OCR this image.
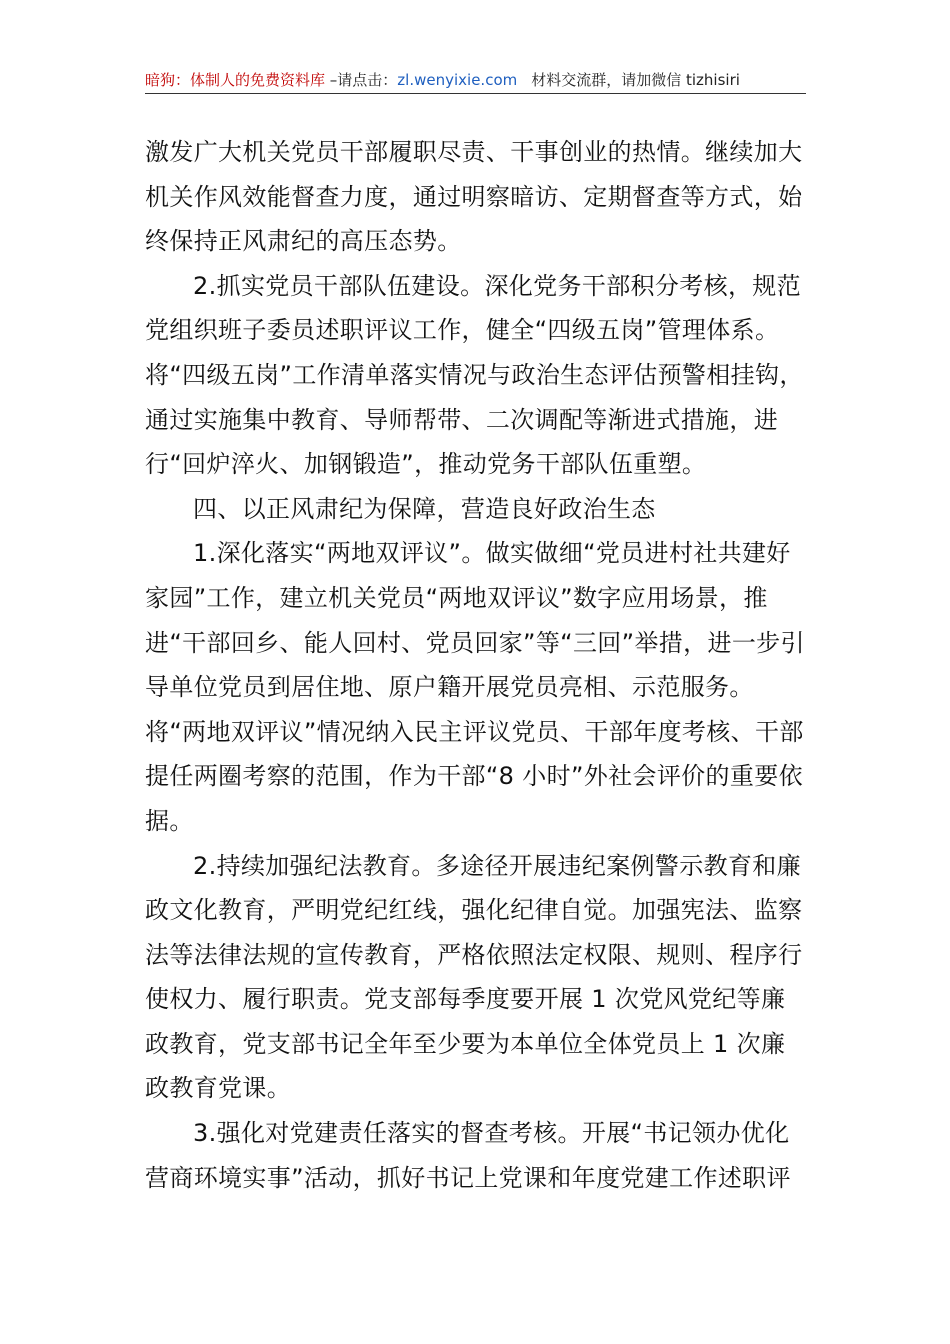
暗狗：体制人的免费资料库 –请点击：zl.wenyixie.com 材料交流群，请加微信 tizhisiri

激发广大机关党员干部履职尽责、干事创业的热情。继续加大机关作风效能督查力度，通过明察暗访、定期督查等方式，始终保持正风肃纪的高压态势。

2.抓实党员干部队伍建设。深化党务干部积分考核，规范党组织班子委员述职评议工作，健全“四级五岗”管理体系。将“四级五岗”工作清单落实情况与政治生态评估预警相挂钩，通过实施集中教育、导师帮带、二次调配等渐进式措施，进行“回炉淬火、加钢锻造”，推动党务干部队伍重塑。

四、以正风肃纪为保障，营造良好政治生态

1.深化落实“两地双评议”。做实做细“党员进村社共建好家园”工作，建立机关党员“两地双评议”数字应用场景，推进“干部回乡、能人回村、党员回家”等“三回”举措，进一步引导单位党员到居住地、原户籍开展党员亮相、示范服务。将“两地双评议”情况纳入民主评议党员、干部年度考核、干部提任两圈考察的范围，作为干部“8 小时”外社会评价的重要依据。

2.持续加强纪法教育。多途径开展违纪案例警示教育和廉政文化教育，严明党纪红线，强化纪律自觉。加强宪法、监察法等法律法规的宣传教育，严格依照法定权限、规则、程序行使权力、履行职责。党支部每季度要开展 1 次党风党纪等廉政教育，党支部书记全年至少要为本单位全体党员上 1 次廉政教育党课。

3.强化对党建责任落实的督查考核。开展“书记领办优化营商环境实事”活动，抓好书记上党课和年度党建工作述职评
